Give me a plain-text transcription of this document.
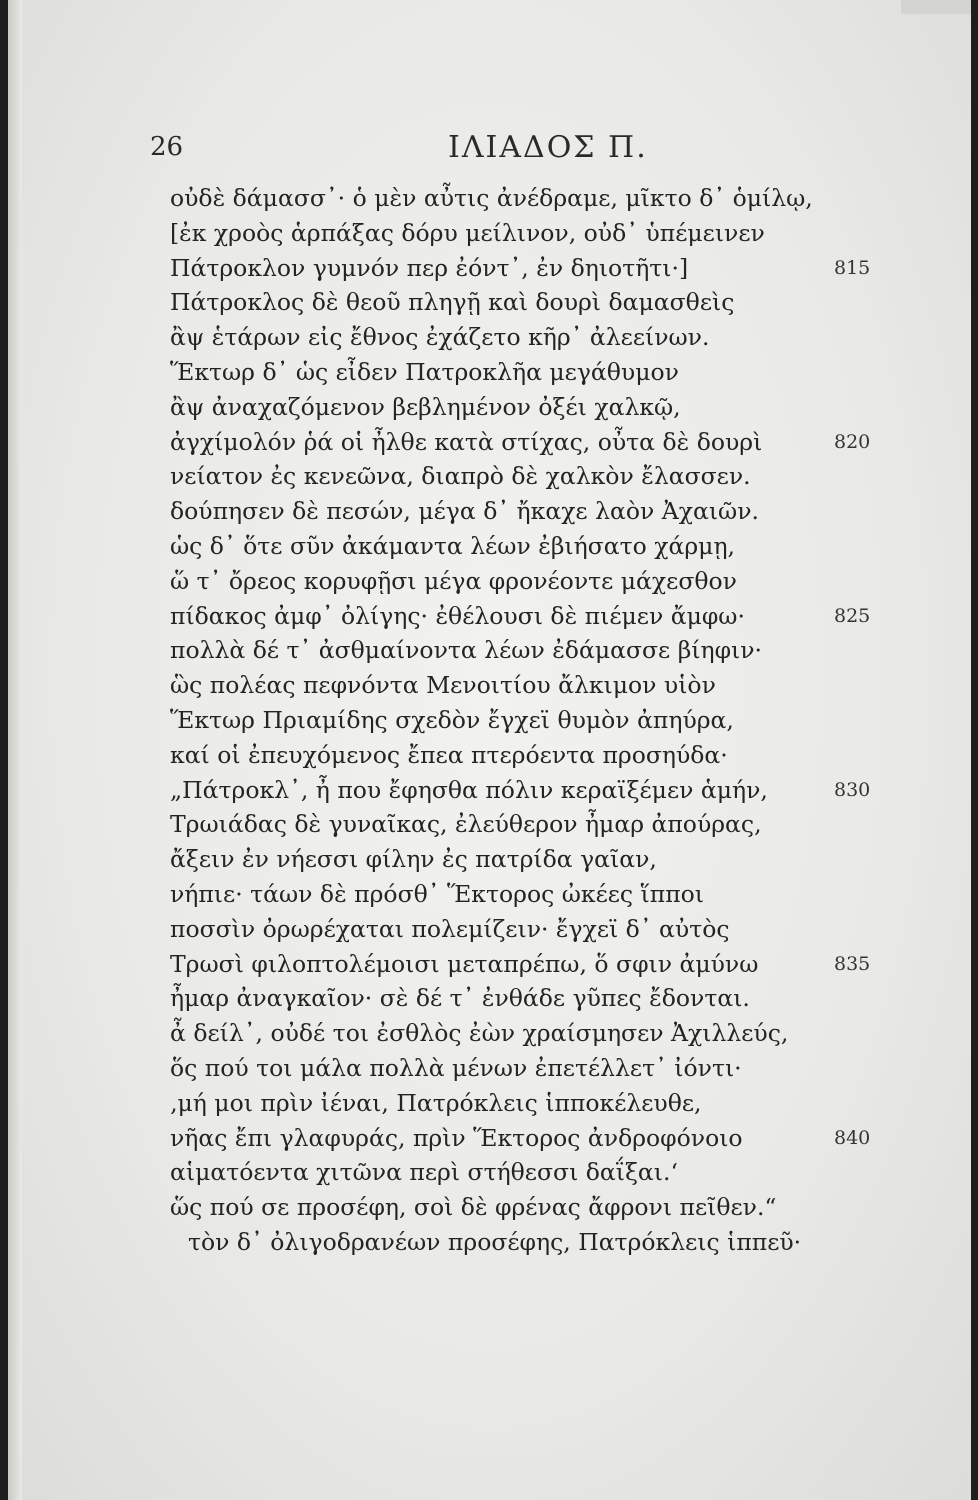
26	ΙΛΙΑΔΟΣ Π.
οὐδὲ δάμασσ᾽· ὁ μὲν αὖτις ἀνέδραμε, μῖκτο δ᾽ ὁμίλῳ,
[ἐκ χροὸς ἁρπάξας δόρυ μείλινον, οὐδ᾽ ὑπέμεινεν
Πάτροκλον γυμνόν περ ἐόντ᾽, ἐν δηιοτῆτι·]	815
Πάτροκλος δὲ θεοῦ πληγῇ καὶ δουρὶ δαμασθεὶς
ἂψ ἑτάρων εἰς ἔθνος ἐχάζετο κῆρ᾽ ἀλεείνων.
Ἕκτωρ δ᾽ ὡς εἶδεν Πατροκλῆα μεγάθυμον
ἂψ ἀναχαζόμενον βεβλημένον ὀξέι χαλκῷ,
ἀγχίμολόν ῥά οἱ ἦλθε κατὰ στίχας, οὖτα δὲ δουρὶ	820
νείατον ἐς κενεῶνα, διαπρὸ δὲ χαλκὸν ἔλασσεν.
δούπησεν δὲ πεσών, μέγα δ᾽ ἤκαχε λαὸν Ἀχαιῶν.
ὡς δ᾽ ὅτε σῦν ἀκάμαντα λέων ἐβιήσατο χάρμῃ,
ὥ τ᾽ ὄρεος κορυφῇσι μέγα φρονέοντε μάχεσθον
πίδακος ἀμφ᾽ ὀλίγης· ἐθέλουσι δὲ πιέμεν ἄμφω·	825
πολλὰ δέ τ᾽ ἀσθμαίνοντα λέων ἐδάμασσε βίηφιν·
ὣς πολέας πεφνόντα Μενοιτίου ἄλκιμον υἱὸν
Ἕκτωρ Πριαμίδης σχεδὸν ἔγχεϊ θυμὸν ἀπηύρα,
καί οἱ ἐπευχόμενος ἔπεα πτερόεντα προσηύδα·
„Πάτροκλ᾽, ἦ που ἔφησθα πόλιν κεραϊξέμεν ἁμήν,	830
Τρωιάδας δὲ γυναῖκας, ἐλεύθερον ἦμαρ ἀπούρας,
ἄξειν ἐν νήεσσι φίλην ἐς πατρίδα γαῖαν,
νήπιε· τάων δὲ πρόσθ᾽ Ἕκτορος ὠκέες ἵπποι
ποσσὶν ὀρωρέχαται πολεμίζειν· ἔγχεϊ δ᾽ αὐτὸς
Τρωσὶ φιλοπτολέμοισι μεταπρέπω, ὅ σφιν ἀμύνω	835
ἦμαρ ἀναγκαῖον· σὲ δέ τ᾽ ἐνθάδε γῦπες ἔδονται.
ἆ δείλ᾽, οὐδέ τοι ἐσθλὸς ἐὼν χραίσμησεν Ἀχιλλεύς,
ὅς πού τοι μάλα πολλὰ μένων ἐπετέλλετ᾽ ἰόντι·
‚μή μοι πρὶν ἰέναι, Πατρόκλεις ἱπποκέλευθε,
νῆας ἔπι γλαφυράς, πρὶν Ἕκτορος ἀνδροφόνοιο	840
αἱματόεντα χιτῶνα περὶ στήθεσσι δαΐξαι.‘
ὥς πού σε προσέφη, σοὶ δὲ φρένας ἄφρονι πεῖθεν.“
τὸν δ᾽ ὀλιγοδρανέων προσέφης, Πατρόκλεις ἱππεῦ·
